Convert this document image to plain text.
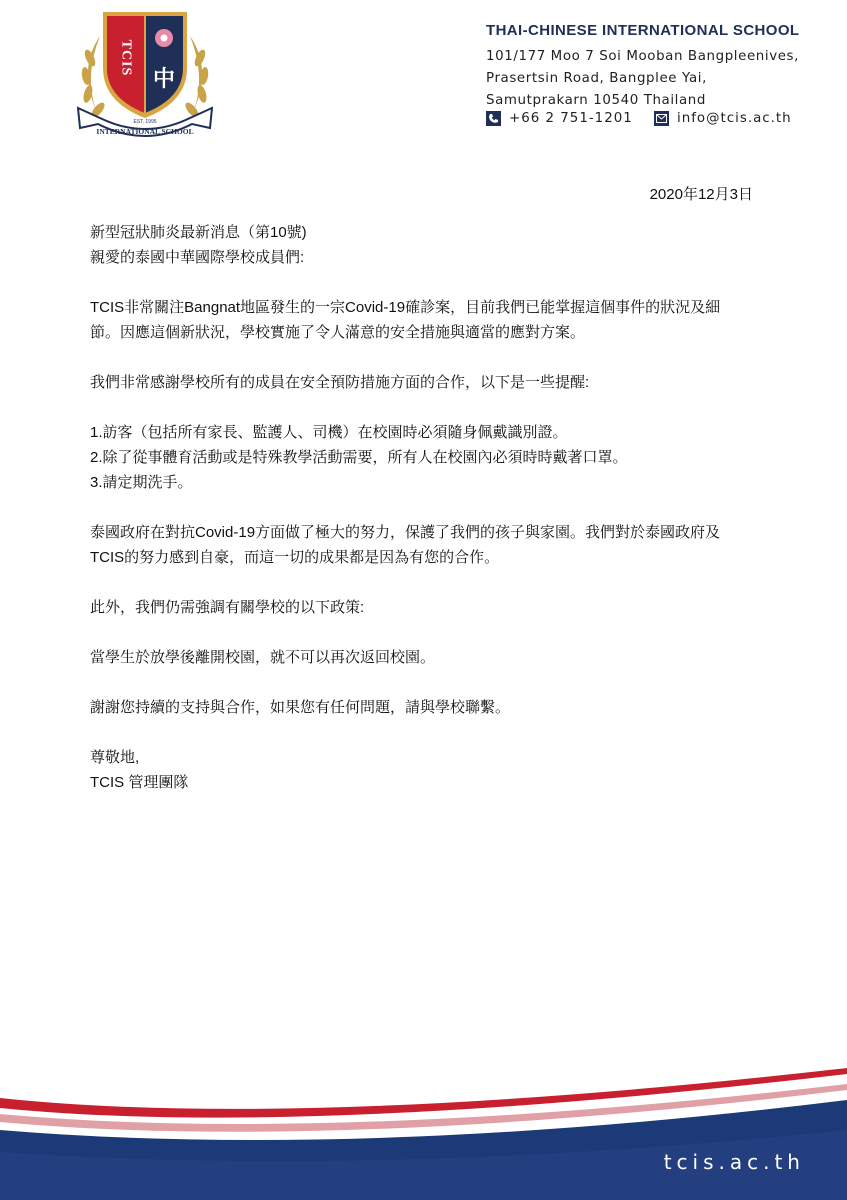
TCIS
中
EST. 1995
INTERNATIONAL SCHOOL
THAI-CHINESE INTERNATIONAL SCHOOL
101/177 Moo 7 Soi Mooban Bangpleenives,
Prasertsin Road, Bangplee Yai,
Samutprakarn 10540 Thailand
+66 2 751-1201	info@tcis.ac.th
2020年12月3日
新型冠狀肺炎最新消息（第10號)
親愛的泰國中華國際學校成員們:
TCIS非常關注Bangnat地區發生的一宗Covid-19確診案，目前我們已能掌握這個事件的狀況及細
節。因應這個新狀況，學校實施了令人滿意的安全措施與適當的應對方案。
我們非常感謝學校所有的成員在安全預防措施方面的合作，以下是一些提醒:
1.訪客（包括所有家長、監護人、司機）在校園時必須隨身佩戴識別證。
2.除了從事體育活動或是特殊教學活動需要，所有人在校園內必須時時戴著口罩。
3.請定期洗手。
泰國政府在對抗Covid-19方面做了極大的努力，保護了我們的孩子與家園。我們對於泰國政府及
TCIS的努力感到自豪，而這一切的成果都是因為有您的合作。
此外，我們仍需強調有關學校的以下政策:
當學生於放學後離開校園，就不可以再次返回校園。
謝謝您持續的支持與合作，如果您有任何問題，請與學校聯繫。
尊敬地,
TCIS 管理團隊
tcis.ac.th
